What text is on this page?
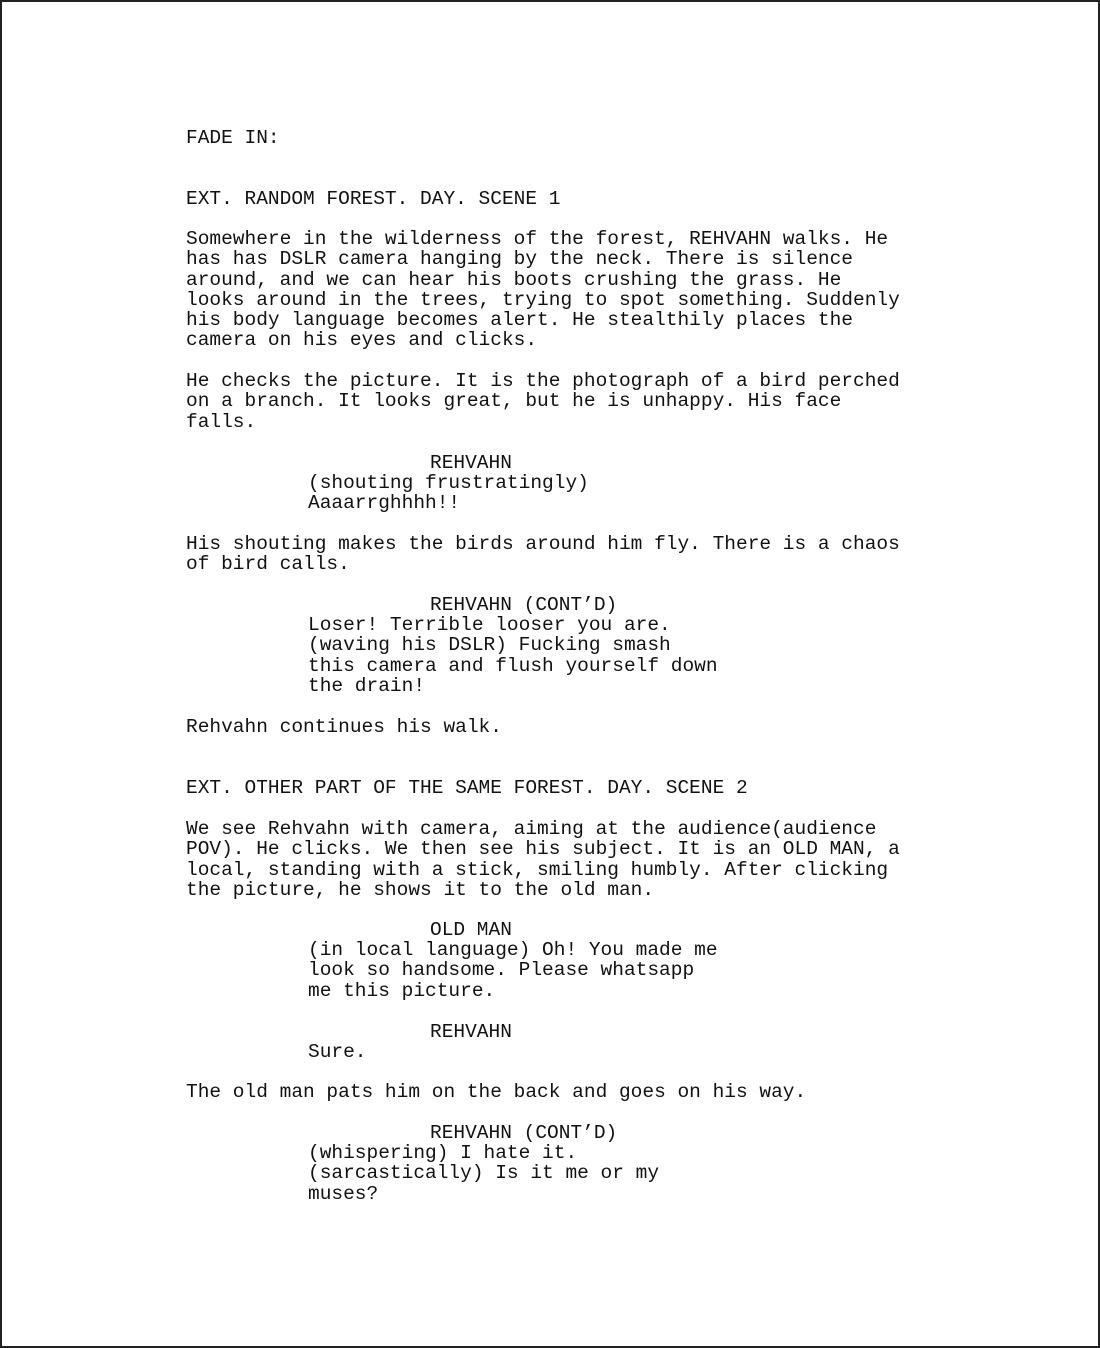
FADE IN:
EXT. RANDOM FOREST. DAY. SCENE 1
Somewhere in the wilderness of the forest, REHVAHN walks. He
has has DSLR camera hanging by the neck. There is silence
around, and we can hear his boots crushing the grass. He
looks around in the trees, trying to spot something. Suddenly
his body language becomes alert. He stealthily places the
camera on his eyes and clicks.
He checks the picture. It is the photograph of a bird perched
on a branch. It looks great, but he is unhappy. His face
falls.
REHVAHN
(shouting frustratingly)
Aaaarrghhhh!!
His shouting makes the birds around him fly. There is a chaos
of bird calls.
REHVAHN (CONT’D)
Loser! Terrible looser you are.
(waving his DSLR) Fucking smash
this camera and flush yourself down
the drain!
Rehvahn continues his walk.
EXT. OTHER PART OF THE SAME FOREST. DAY. SCENE 2
We see Rehvahn with camera, aiming at the audience(audience
POV). He clicks. We then see his subject. It is an OLD MAN, a
local, standing with a stick, smiling humbly. After clicking
the picture, he shows it to the old man.
OLD MAN
(in local language) Oh! You made me
look so handsome. Please whatsapp
me this picture.
REHVAHN
Sure.
The old man pats him on the back and goes on his way.
REHVAHN (CONT’D)
(whispering) I hate it.
(sarcastically) Is it me or my
muses?
